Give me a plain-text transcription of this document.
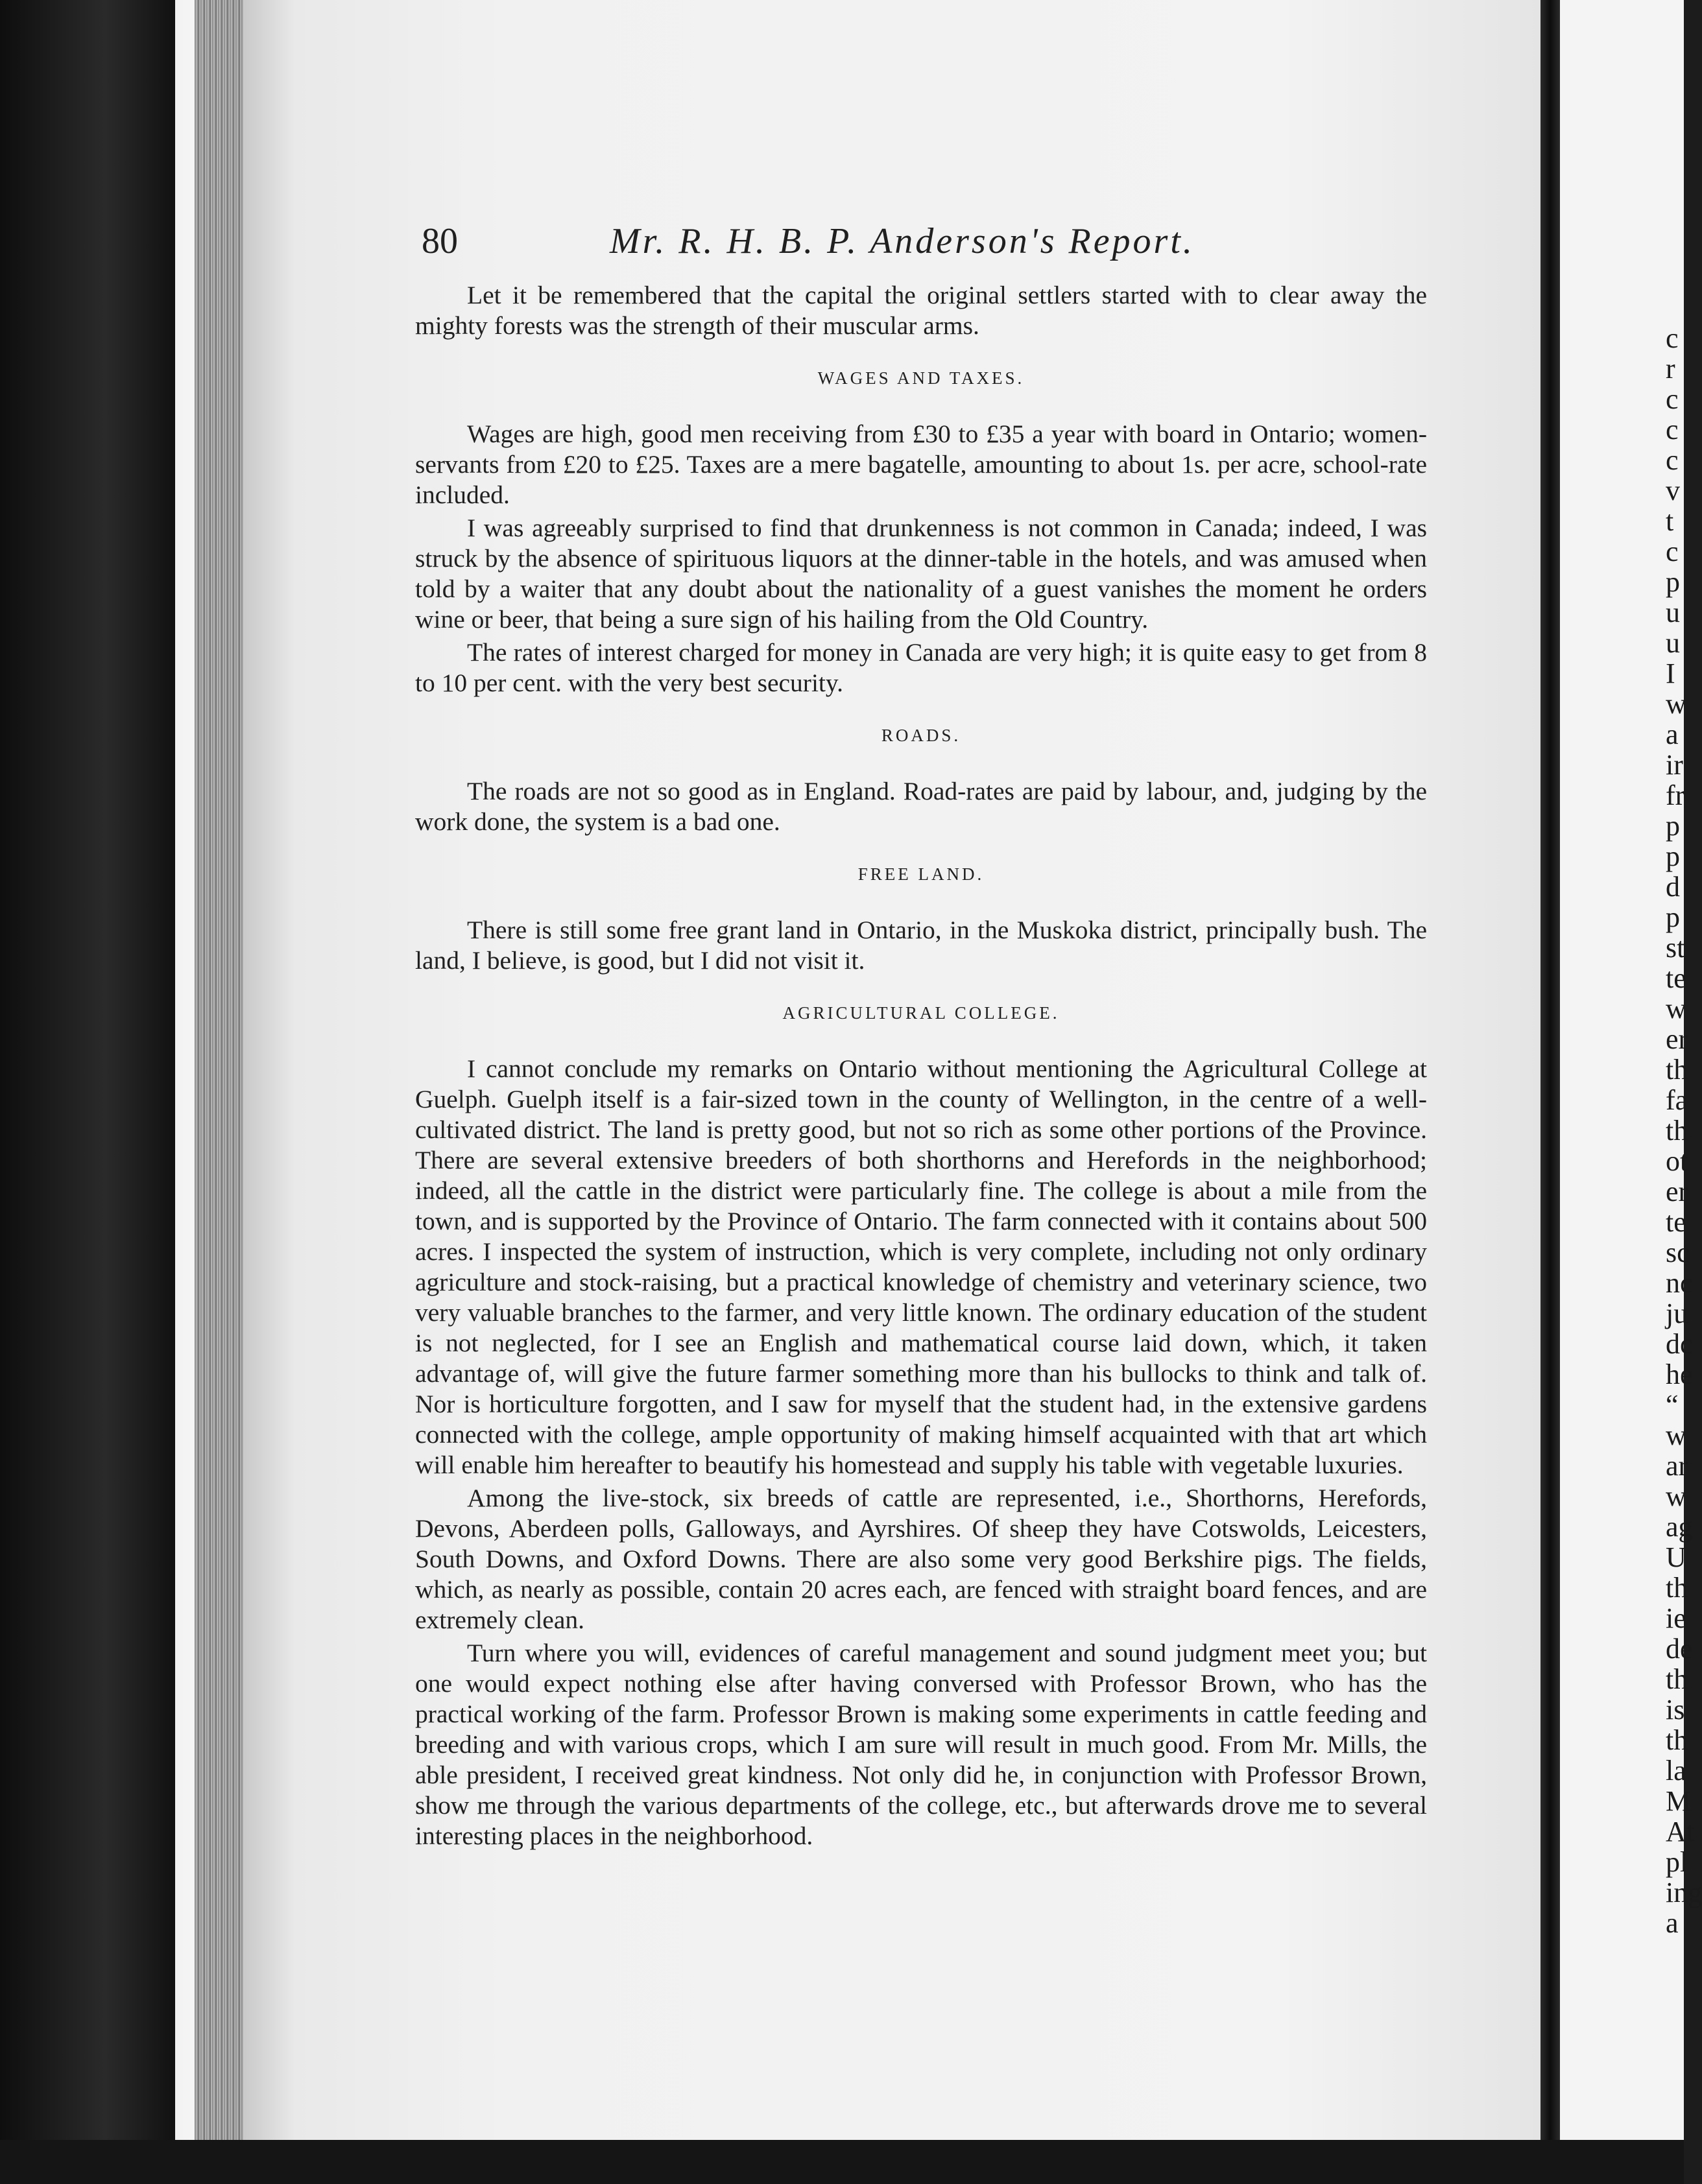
c
r
c
c
c
v
t
c
p
u
u
I
w
a
ir
fr
p
p
d
p
st
te
w
er
th
fa
th
ot
er
te
sc
nc
ju
dc
he
“
w
ar
w
ag
U
th
ie
de
th
is
th
la
M
At
pl
ing
a
80	Mr. R. H. B. P. Anderson's Report.

Let it be remembered that the capital the original settlers started with to clear away the mighty forests was the strength of their muscular arms.

WAGES AND TAXES.

Wages are high, good men receiving from £30 to £35 a year with board in Ontario; women-servants from £20 to £25. Taxes are a mere bagatelle, amounting to about 1s. per acre, school-rate included.

I was agreeably surprised to find that drunkenness is not common in Canada; indeed, I was struck by the absence of spirituous liquors at the dinner-table in the hotels, and was amused when told by a waiter that any doubt about the nationality of a guest vanishes the moment he orders wine or beer, that being a sure sign of his hailing from the Old Country.

The rates of interest charged for money in Canada are very high; it is quite easy to get from 8 to 10 per cent. with the very best security.

ROADS.

The roads are not so good as in England. Road-rates are paid by labour, and, judging by the work done, the system is a bad one.

FREE LAND.

There is still some free grant land in Ontario, in the Muskoka district, principally bush. The land, I believe, is good, but I did not visit it.

AGRICULTURAL COLLEGE.

I cannot conclude my remarks on Ontario without mentioning the Agricultural College at Guelph. Guelph itself is a fair-sized town in the county of Wellington, in the centre of a well-cultivated district. The land is pretty good, but not so rich as some other portions of the Province. There are several extensive breeders of both shorthorns and Herefords in the neighborhood; indeed, all the cattle in the district were particularly fine. The college is about a mile from the town, and is supported by the Province of Ontario. The farm connected with it contains about 500 acres. I inspected the system of instruction, which is very complete, including not only ordinary agriculture and stock-raising, but a practical knowledge of chemistry and veterinary science, two very valuable branches to the farmer, and very little known. The ordinary education of the student is not neglected, for I see an English and mathematical course laid down, which, it taken advantage of, will give the future farmer something more than his bullocks to think and talk of. Nor is horticulture forgotten, and I saw for myself that the student had, in the extensive gardens connected with the college, ample opportunity of making himself acquainted with that art which will enable him hereafter to beautify his homestead and supply his table with vegetable luxuries.

Among the live-stock, six breeds of cattle are represented, i.e., Shorthorns, Herefords, Devons, Aberdeen polls, Galloways, and Ayrshires. Of sheep they have Cotswolds, Leicesters, South Downs, and Oxford Downs. There are also some very good Berkshire pigs. The fields, which, as nearly as possible, contain 20 acres each, are fenced with straight board fences, and are extremely clean.

Turn where you will, evidences of careful management and sound judgment meet you; but one would expect nothing else after having conversed with Professor Brown, who has the practical working of the farm. Professor Brown is making some experiments in cattle feeding and breeding and with various crops, which I am sure will result in much good. From Mr. Mills, the able president, I received great kindness. Not only did he, in conjunction with Professor Brown, show me through the various departments of the college, etc., but afterwards drove me to several interesting places in the neighborhood.
